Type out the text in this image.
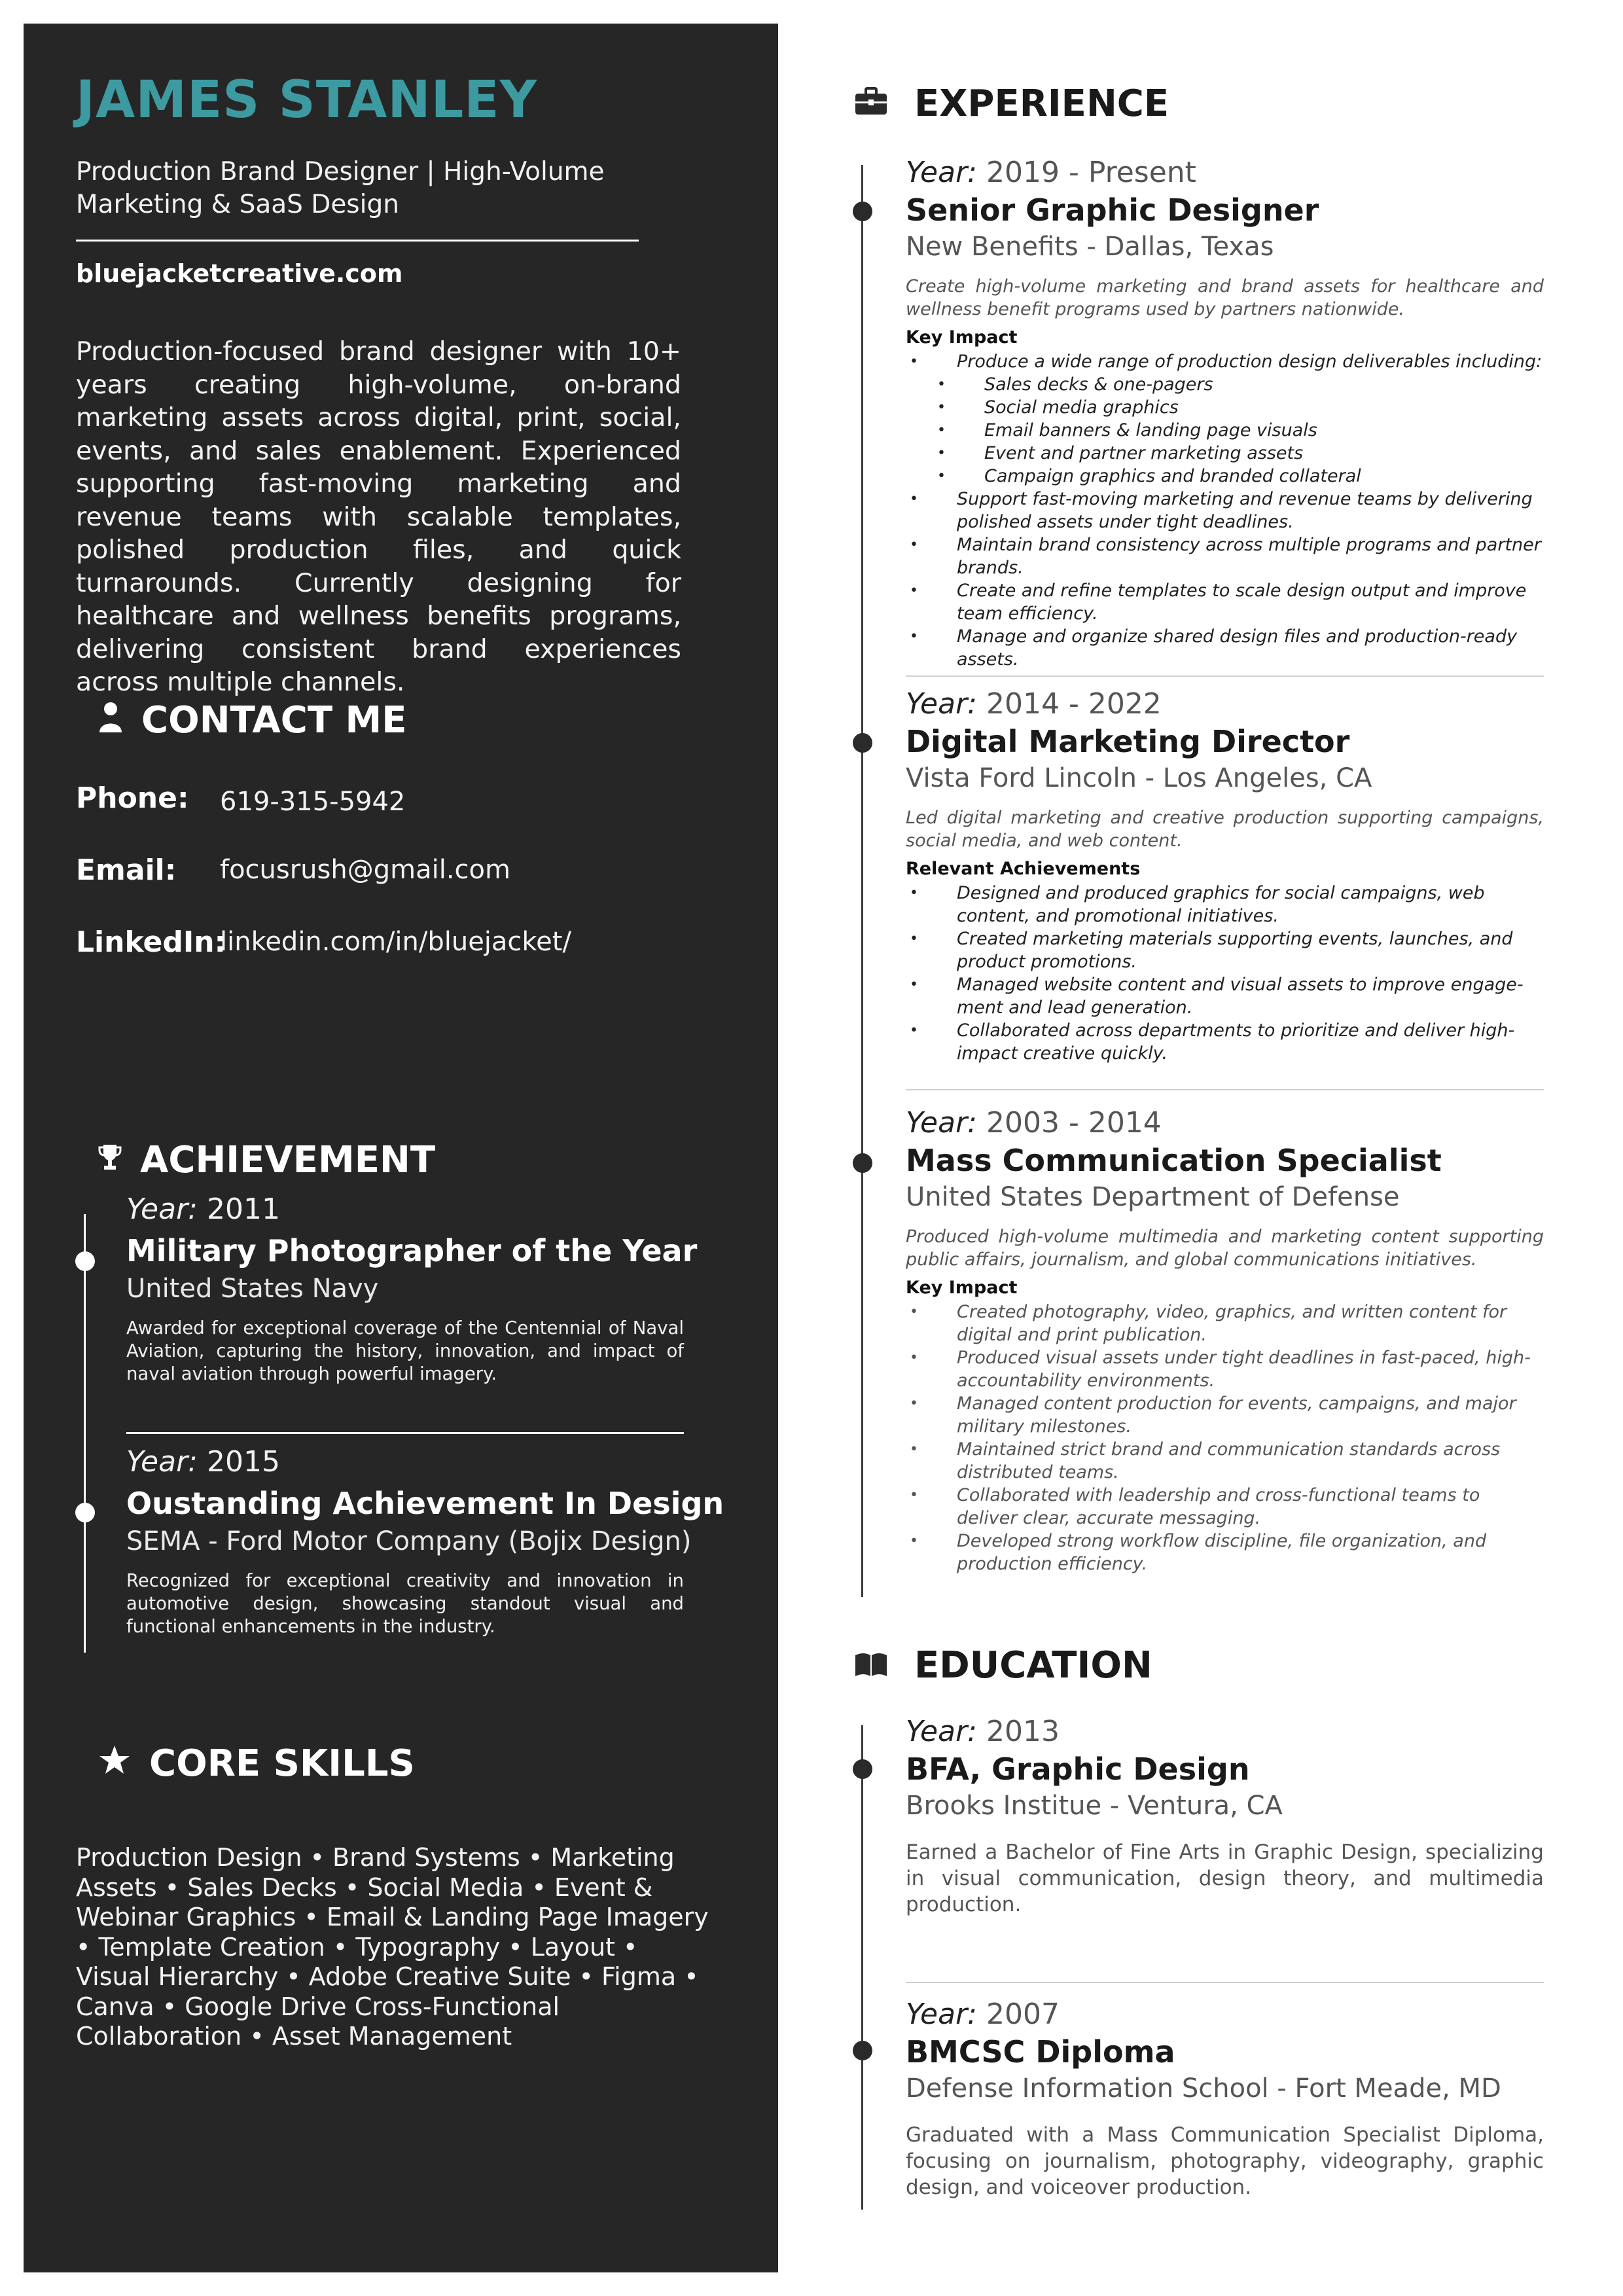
JAMES STANLEY
Production Brand Designer | High-Volume Marketing & SaaS Design
bluejacketcreative.com
Production-focused brand designer with 10+ years creating high-volume, on-brand marketing assets across digital, print, social, events, and sales enablement. Experienced supporting fast-moving marketing and revenue teams with scalable templates, polished production files, and quick turnarounds. Currently designing for healthcare and wellness benefits programs, delivering consistent brand experiences across multiple channels.
CONTACT ME
Phone: 619-315-5942
Email: focusrush@gmail.com
LinkedIn:
linkedin.com/in/bluejacket/
ACHIEVEMENT
Year: 2011
Military Photographer of the Year
United States Navy
Awarded for exceptional coverage of the Centennial of Naval Aviation, capturing the history, innovation, and impact of naval aviation through powerful imagery.
Year: 2015
Oustanding Achievement In Design
SEMA - Ford Motor Company (Bojix Design)
Recognized for exceptional creativity and innovation in automotive design, showcasing standout visual and functional enhancements in the industry.
CORE SKILLS
Production Design • Brand Systems • Marketing Assets • Sales Decks • Social Media • Event & Webinar Graphics • Email & Landing Page Imagery • Template Creation • Typography • Layout • Visual Hierarchy • Adobe Creative Suite • Figma • Canva • Google Drive Cross-Functional Collaboration • Asset Management
EXPERIENCE
Year: 2019 - Present
Senior Graphic Designer
New Benefits - Dallas, Texas
Create high-volume marketing and brand assets for healthcare and wellness benefit programs used by partners nationwide.
Key Impact
• Produce a wide range of production design deliverables including:
• Sales decks & one-pagers
• Social media graphics
• Email banners & landing page visuals
• Event and partner marketing assets
• Campaign graphics and branded collateral
• Support fast-moving marketing and revenue teams by delivering polished assets under tight deadlines.
• Maintain brand consistency across multiple programs and partner brands.
• Create and refine templates to scale design output and improve team efficiency.
• Manage and organize shared design files and production-ready assets.
Year: 2014 - 2022
Digital Marketing Director
Vista Ford Lincoln - Los Angeles, CA
Led digital marketing and creative production supporting campaigns, social media, and web content.
Relevant Achievements
• Designed and produced graphics for social campaigns, web content, and promotional initiatives.
• Created marketing materials supporting events, launches, and product promotions.
• Managed website content and visual assets to improve engage-ment and lead generation.
• Collaborated across departments to prioritize and deliver high-impact creative quickly.
Year: 2003 - 2014
Mass Communication Specialist
United States Department of Defense
Produced high-volume multimedia and marketing content supporting public affairs, journalism, and global communications initiatives.
Key Impact
• Created photography, video, graphics, and written content for digital and print publication.
• Produced visual assets under tight deadlines in fast-paced, high-accountability environments.
• Managed content production for events, campaigns, and major military milestones.
• Maintained strict brand and communication standards across distributed teams.
• Collaborated with leadership and cross-functional teams to deliver clear, accurate messaging.
• Developed strong workflow discipline, file organization, and production efficiency.
EDUCATION
Year: 2013
BFA, Graphic Design
Brooks Institue - Ventura, CA
Earned a Bachelor of Fine Arts in Graphic Design, specializing in visual communication, design theory, and multimedia production.
Year: 2007
BMCSC Diploma
Defense Information School - Fort Meade, MD
Graduated with a Mass Communication Specialist Diploma, focusing on journalism, photography, videography, graphic design, and voiceover production.
